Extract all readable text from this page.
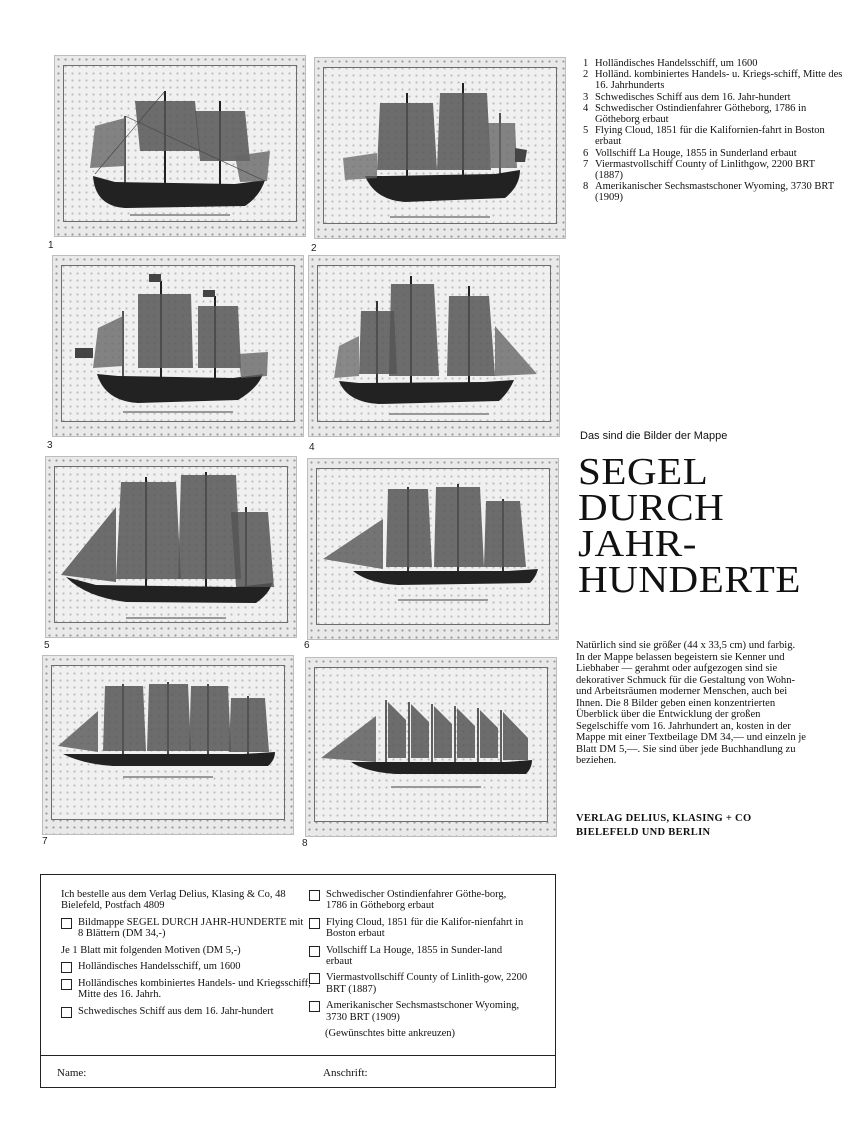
1	2
3	4
5	6
7	8
1 Holländisches Handelsschiff, um 1600
2 Holländ. kombiniertes Handels- u. Kriegs-schiff, Mitte des 16. Jahrhunderts
3 Schwedisches Schiff aus dem 16. Jahr-hundert
4 Schwedischer Ostindienfahrer Götheborg, 1786 in Götheborg erbaut
5 Flying Cloud, 1851 für die Kalifornien-fahrt in Boston erbaut
6 Vollschiff La Houge, 1855 in Sunderland erbaut
7 Viermastvollschiff County of Linlithgow, 2200 BRT (1887)
8 Amerikanischer Sechsmastschoner Wyoming, 3730 BRT (1909)
Das sind die Bilder der Mappe
SEGEL
DURCH
JAHR-
HUNDERTE
Natürlich sind sie größer (44 x 33,5 cm) und farbig. In der Mappe belassen begeistern sie Kenner und Liebhaber — gerahmt oder aufgezogen sind sie dekorativer Schmuck für die Gestaltung von Wohn- und Arbeitsräumen moderner Menschen, auch bei Ihnen. Die 8 Bilder geben einen konzentrierten Überblick über die Entwicklung der großen Segelschiffe vom 16. Jahrhundert an, kosten in der Mappe mit einer Textbeilage DM 34,— und einzeln je Blatt DM 5,—. Sie sind über jede Buchhandlung zu beziehen.
VERLAG DELIUS, KLASING + CO
BIELEFELD UND BERLIN
Ich bestelle aus dem Verlag Delius, Klasing & Co, 48 Bielefeld, Postfach 4809
Bildmappe SEGEL DURCH JAHR-HUNDERTE mit 8 Blättern (DM 34,-)
Je 1 Blatt mit folgenden Motiven (DM 5,-)
Holländisches Handelsschiff, um 1600
Holländisches kombiniertes Handels- und Kriegsschiff, Mitte des 16. Jahrh.
Schwedisches Schiff aus dem 16. Jahr-hundert
Schwedischer Ostindienfahrer Göthe-borg, 1786 in Götheborg erbaut
Flying Cloud, 1851 für die Kalifor-nienfahrt in Boston erbaut
Vollschiff La Houge, 1855 in Sunder-land erbaut
Viermastvollschiff County of Linlith-gow, 2200 BRT (1887)
Amerikanischer Sechsmastschoner Wyoming, 3730 BRT (1909)
(Gewünschtes bitte ankreuzen)
Name:	Anschrift:
